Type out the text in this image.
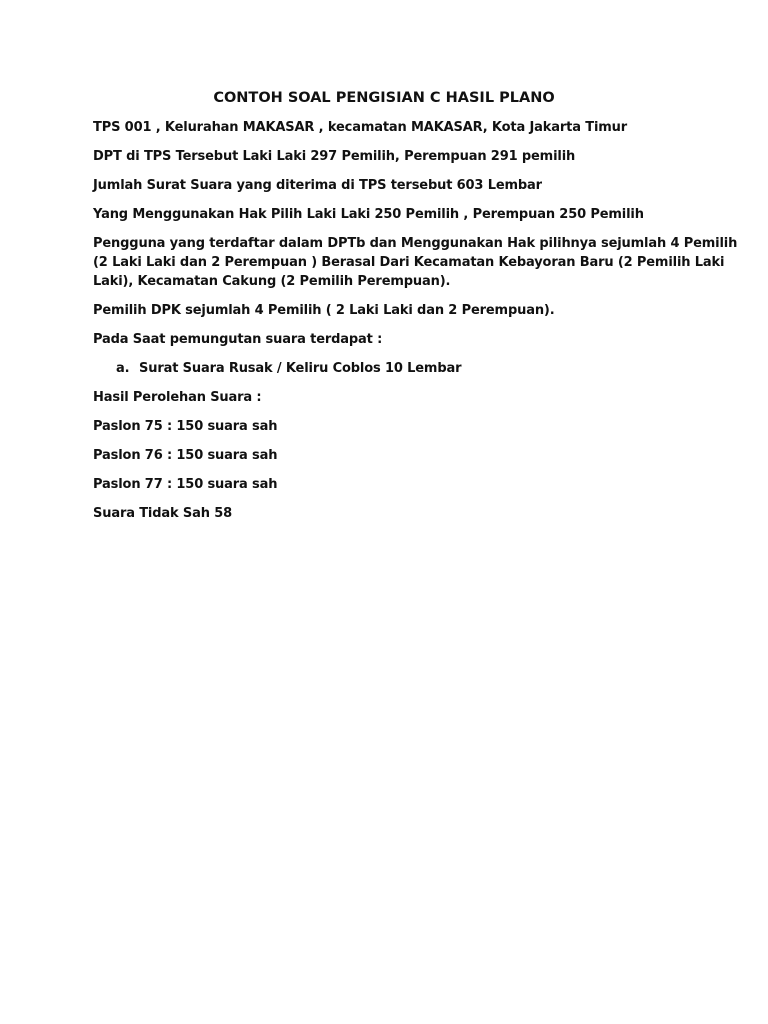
CONTOH SOAL PENGISIAN C HASIL PLANO
TPS 001 , Kelurahan MAKASAR , kecamatan MAKASAR, Kota Jakarta Timur
DPT di TPS Tersebut Laki Laki 297 Pemilih, Perempuan 291 pemilih
Jumlah Surat Suara yang diterima di TPS tersebut 603 Lembar
Yang Menggunakan Hak Pilih Laki Laki 250 Pemilih , Perempuan 250 Pemilih
Pengguna yang terdaftar dalam DPTb dan Menggunakan Hak pilihnya sejumlah 4 Pemilih
(2 Laki Laki dan 2 Perempuan ) Berasal Dari Kecamatan Kebayoran Baru (2 Pemilih Laki
Laki), Kecamatan Cakung (2 Pemilih Perempuan).
Pemilih DPK sejumlah 4 Pemilih ( 2 Laki Laki dan 2 Perempuan).
Pada Saat pemungutan suara terdapat :
a. Surat Suara Rusak / Keliru Coblos 10 Lembar
Hasil Perolehan Suara :
Paslon 75 : 150 suara sah
Paslon 76 : 150 suara sah
Paslon 77 : 150 suara sah
Suara Tidak Sah 58
